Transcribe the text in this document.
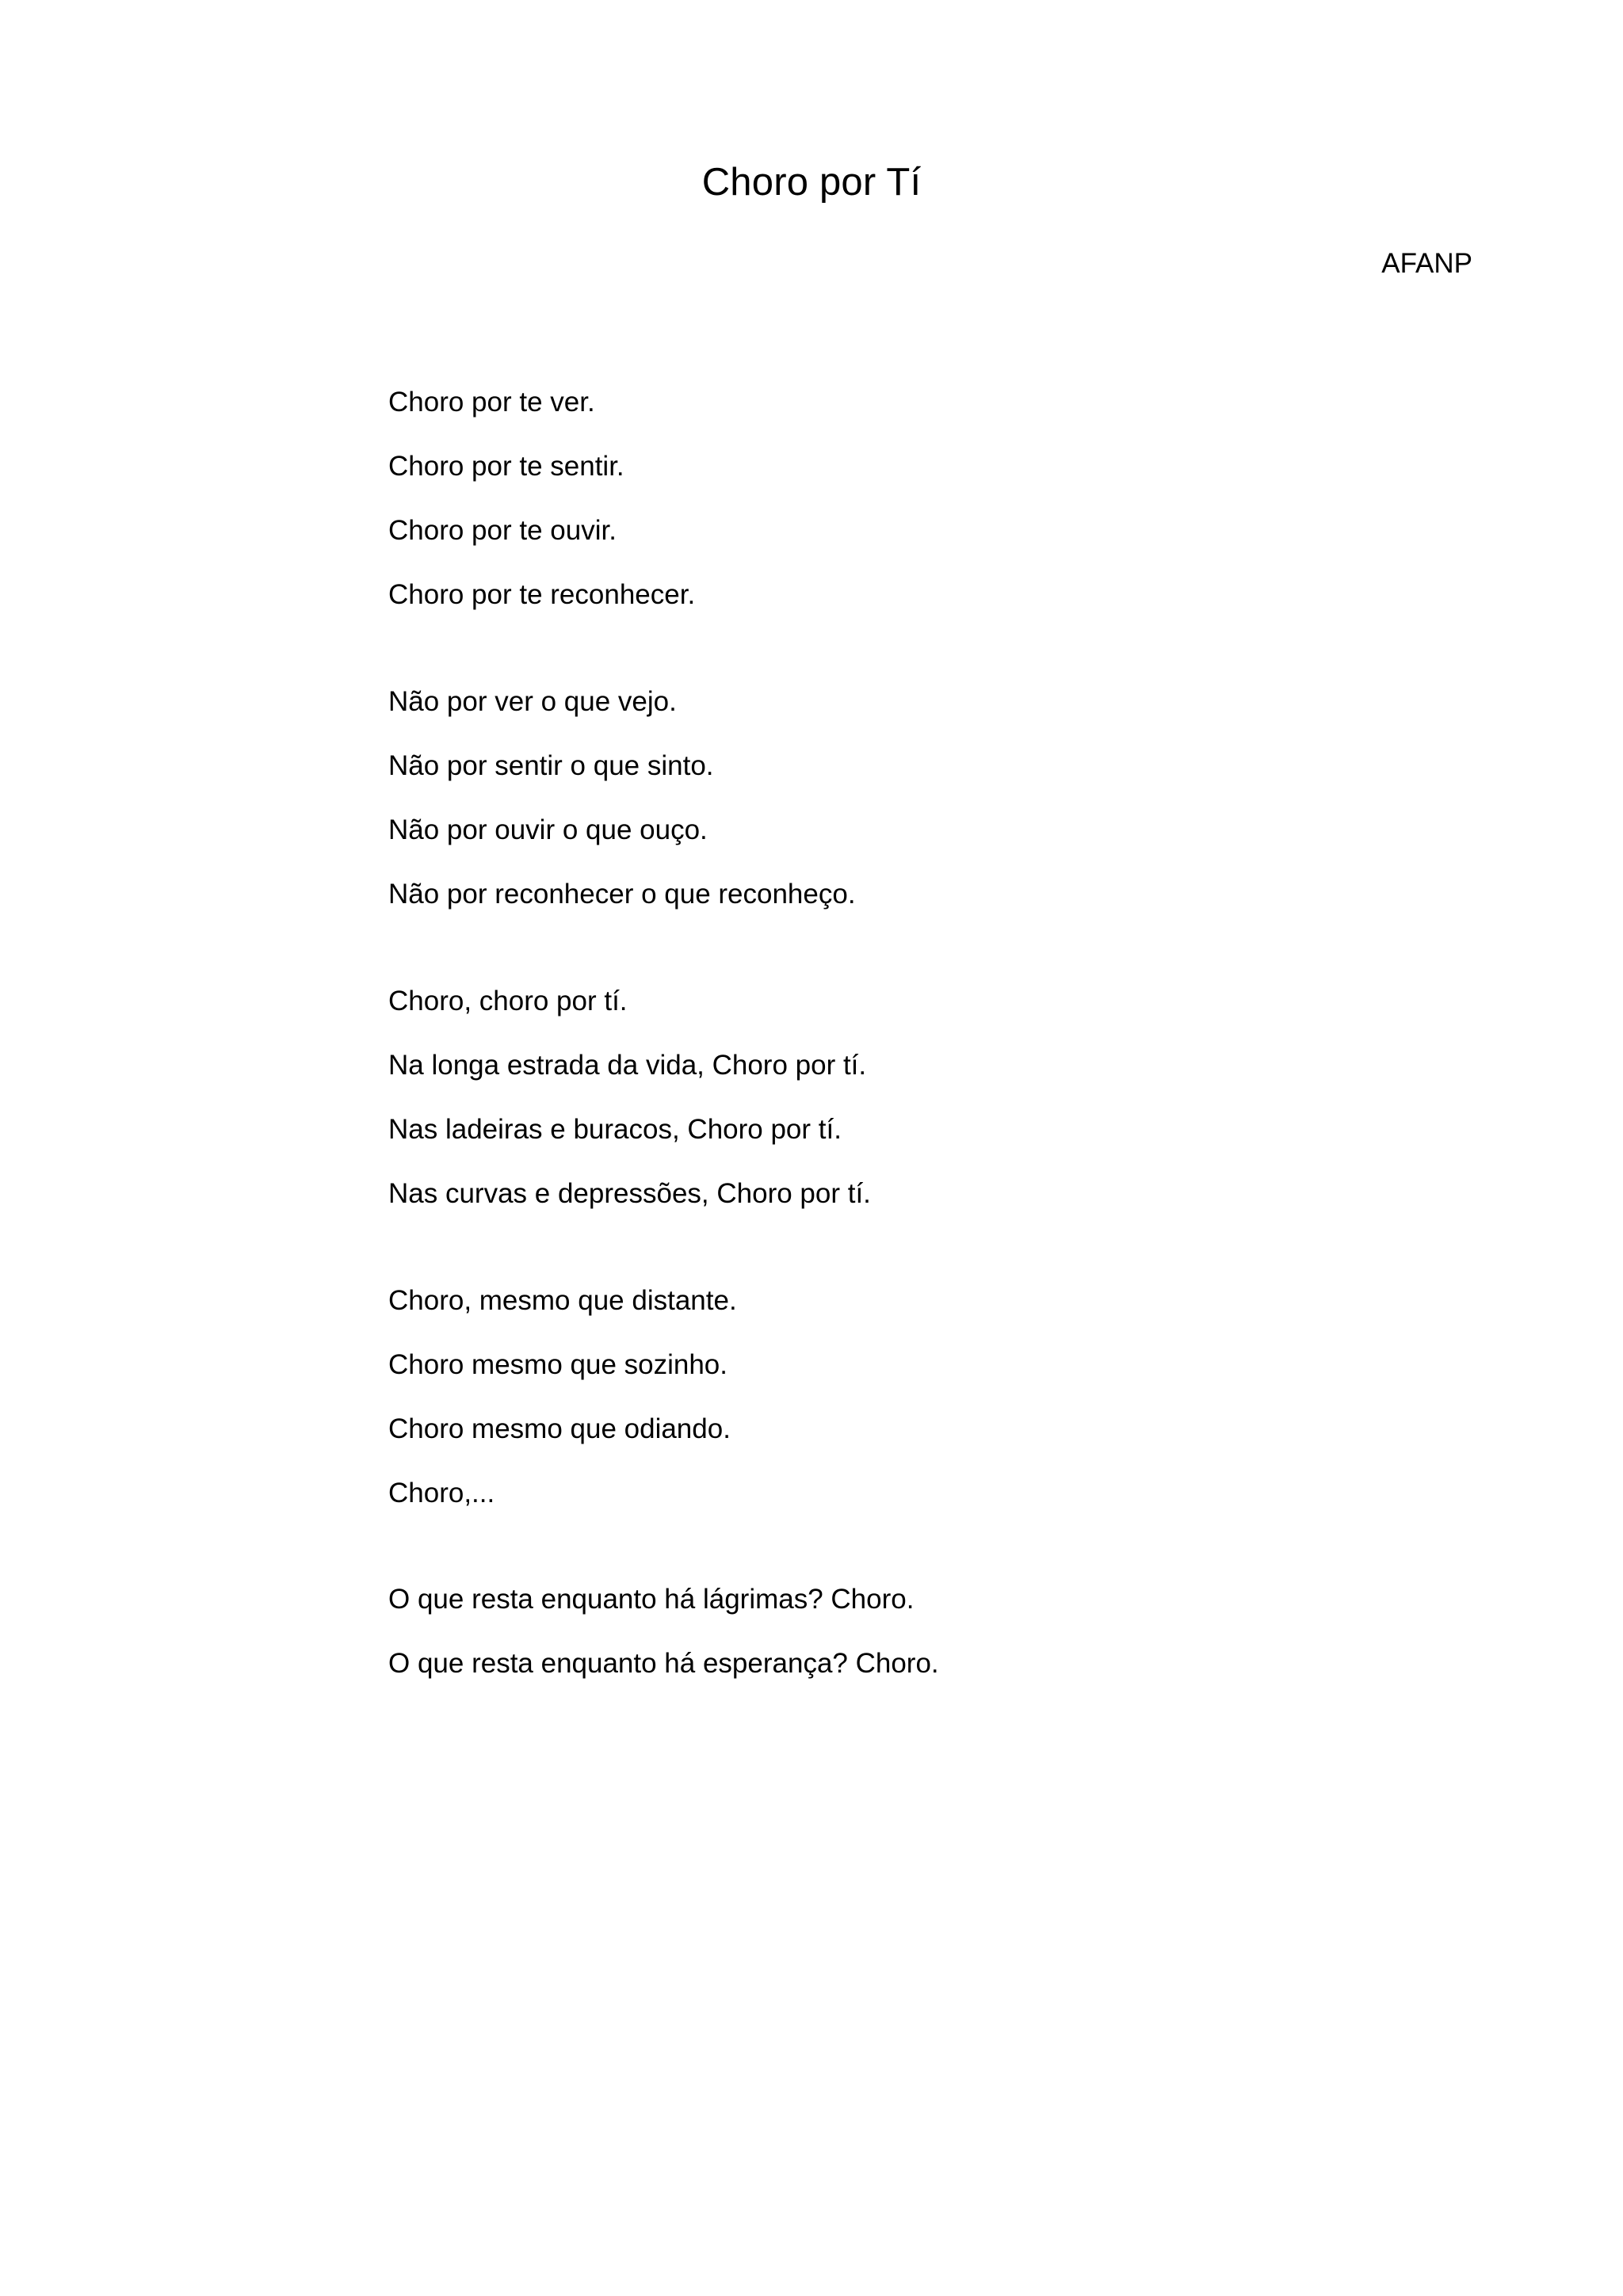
Choro por Tí

AFANP

Choro por te ver.
Choro por te sentir.
Choro por te ouvir.
Choro por te reconhecer.
Não por ver o que vejo.
Não por sentir o que sinto.
Não por ouvir o que ouço.
Não por reconhecer o que reconheço.
Choro, choro por tí.
Na longa estrada da vida, Choro por tí.
Nas ladeiras e buracos, Choro por tí.
Nas curvas e depressões, Choro por tí.
Choro, mesmo que distante.
Choro mesmo que sozinho.
Choro mesmo que odiando.
Choro,...
O que resta enquanto há lágrimas? Choro.
O que resta enquanto há esperança? Choro.
